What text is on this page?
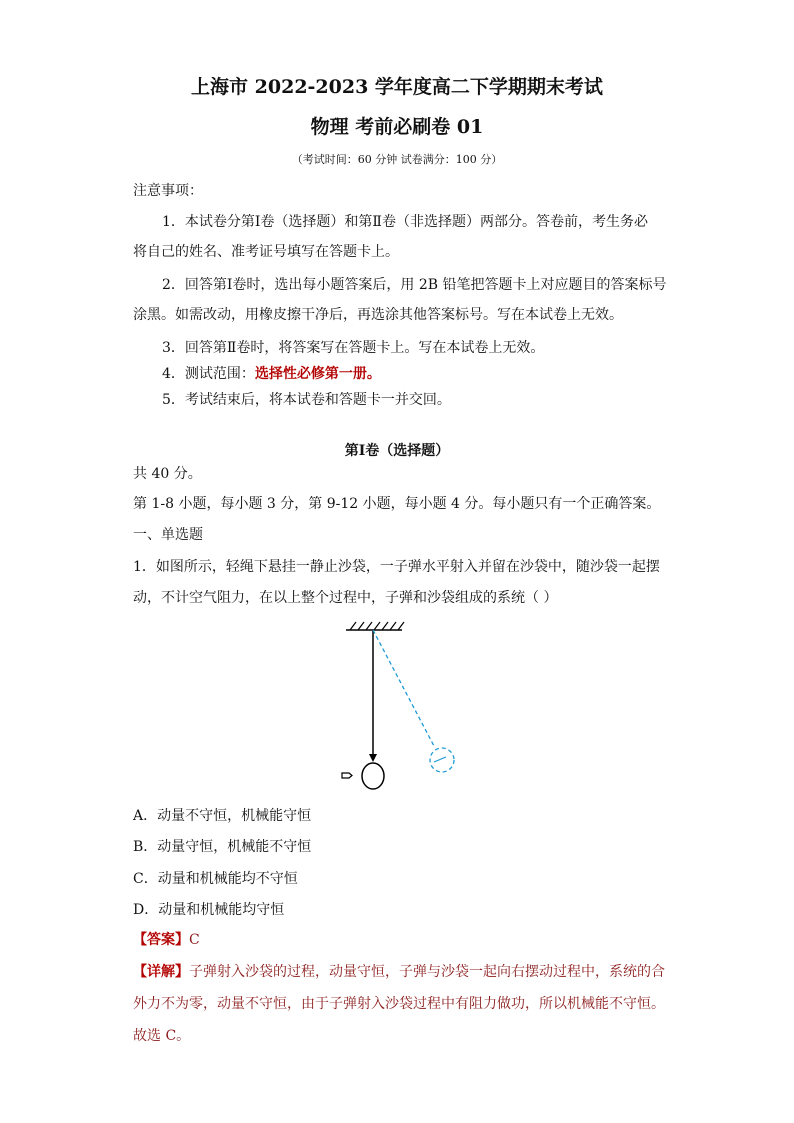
上海市 2022-2023 学年度高二下学期期末考试
物理 考前必刷卷 01
（考试时间：60 分钟 试卷满分：100 分）
注意事项：
1．本试卷分第Ⅰ卷（选择题）和第Ⅱ卷（非选择题）两部分。答卷前，考生务必
将自己的姓名、准考证号填写在答题卡上。
2．回答第Ⅰ卷时，选出每小题答案后，用 2B 铅笔把答题卡上对应题目的答案标号
涂黑。如需改动，用橡皮擦干净后，再选涂其他答案标号。写在本试卷上无效。
3．回答第Ⅱ卷时，将答案写在答题卡上。写在本试卷上无效。
4．测试范围：选择性必修第一册。
5．考试结束后，将本试卷和答题卡一并交回。
第Ⅰ卷（选择题）
共 40 分。
第 1-8 小题，每小题 3 分，第 9-12 小题，每小题 4 分。每小题只有一个正确答案。
一、单选题
1．如图所示，轻绳下悬挂一静止沙袋，一子弹水平射入并留在沙袋中，随沙袋一起摆
动，不计空气阻力，在以上整个过程中，子弹和沙袋组成的系统（ ）
A．动量不守恒，机械能守恒
B．动量守恒，机械能不守恒
C．动量和机械能均不守恒
D．动量和机械能均守恒
【答案】C
【详解】子弹射入沙袋的过程，动量守恒，子弹与沙袋一起向右摆动过程中，系统的合
外力不为零，动量不守恒，由于子弹射入沙袋过程中有阻力做功，所以机械能不守恒。
故选 C。
